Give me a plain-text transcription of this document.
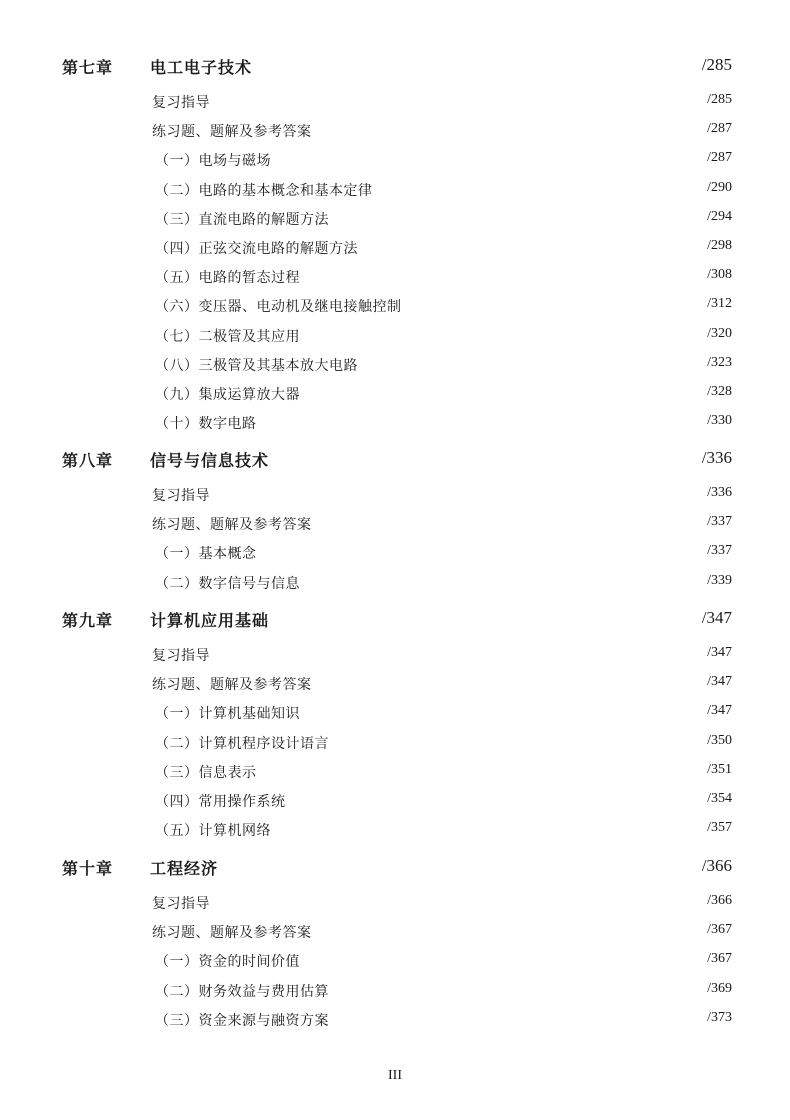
第七章 电工电子技术	/285
复习指导	/285
练习题、题解及参考答案	/287
（一）电场与磁场	/287
（二）电路的基本概念和基本定律	/290
（三）直流电路的解题方法	/294
（四）正弦交流电路的解题方法	/298
（五）电路的暂态过程	/308
（六）变压器、电动机及继电接触控制	/312
（七）二极管及其应用	/320
（八）三极管及其基本放大电路	/323
（九）集成运算放大器	/328
（十）数字电路	/330
第八章 信号与信息技术	/336
复习指导	/336
练习题、题解及参考答案	/337
（一）基本概念	/337
（二）数字信号与信息	/339
第九章 计算机应用基础	/347
复习指导	/347
练习题、题解及参考答案	/347
（一）计算机基础知识	/347
（二）计算机程序设计语言	/350
（三）信息表示	/351
（四）常用操作系统	/354
（五）计算机网络	/357
第十章 工程经济	/366
复习指导	/366
练习题、题解及参考答案	/367
（一）资金的时间价值	/367
（二）财务效益与费用估算	/369
（三）资金来源与融资方案	/373
III
